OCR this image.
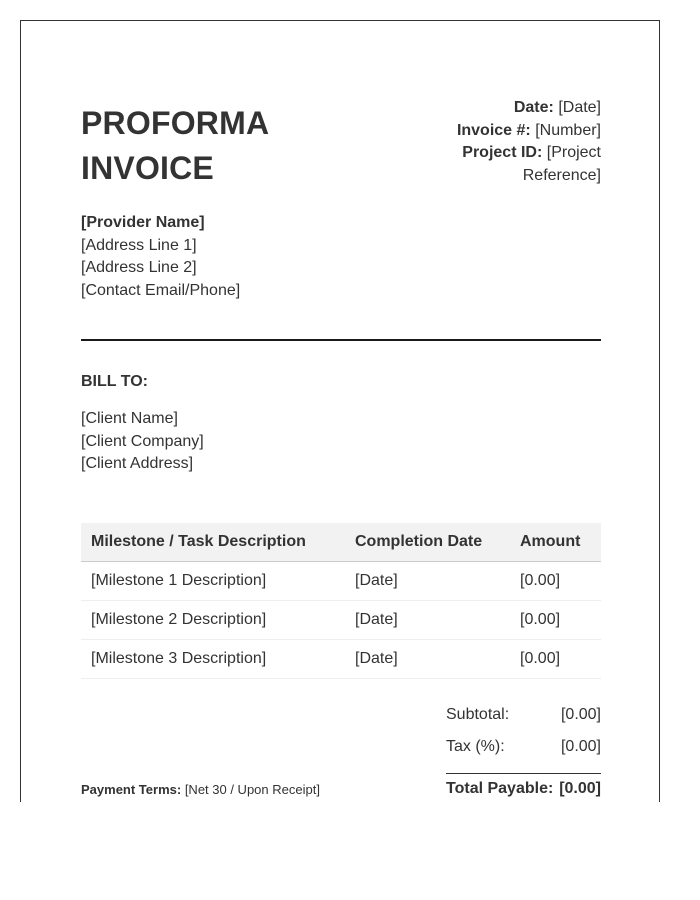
PROFORMA
INVOICE
Date: [Date]
Invoice #: [Number]
Project ID: [Project
Reference]
[Provider Name]
[Address Line 1]
[Address Line 2]
[Contact Email/Phone]
BILL TO:
[Client Name]
[Client Company]
[Client Address]
Milestone / Task Description	Completion Date	Amount
[Milestone 1 Description]	[Date]	[0.00]
[Milestone 2 Description]	[Date]	[0.00]
[Milestone 3 Description]	[Date]	[0.00]
Subtotal:	[0.00]
Tax (%):	[0.00]
Total Payable: [0.00]
Payment Terms: [Net 30 / Upon Receipt]
